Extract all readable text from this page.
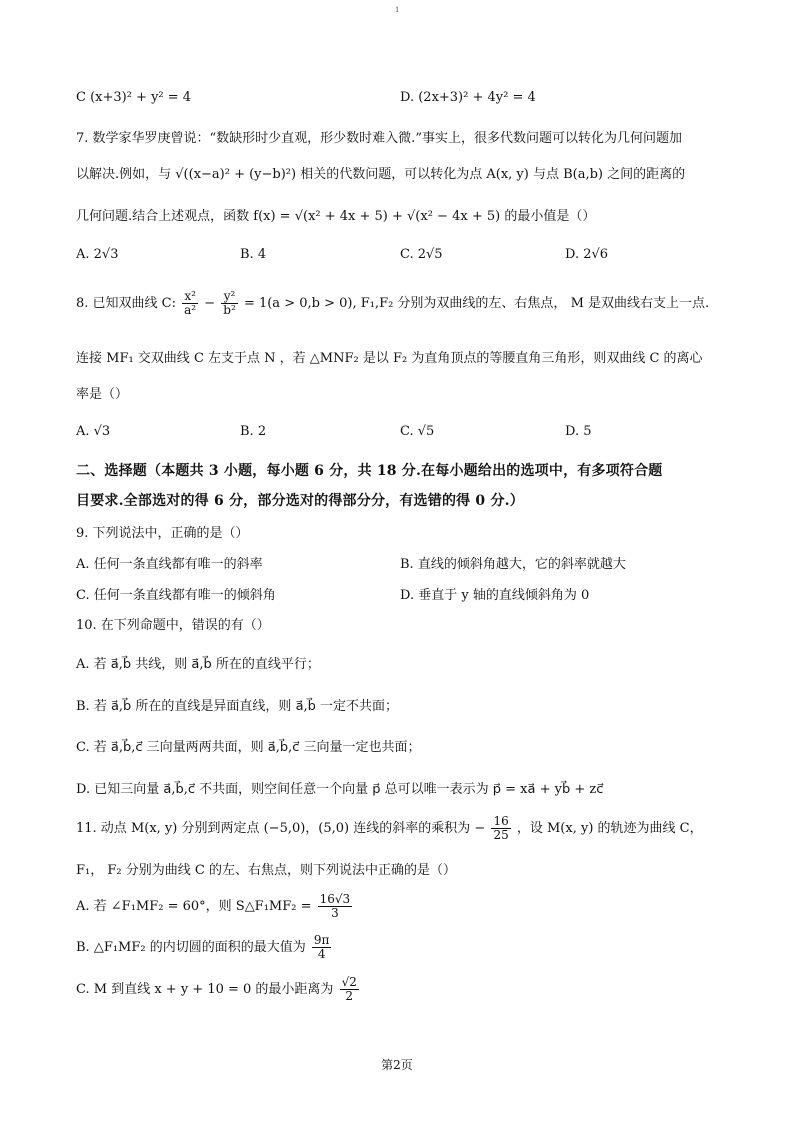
1
C (x+3)² + y² = 4	D. (2x+3)² + 4y² = 4
7. 数学家华罗庚曾说：“数缺形时少直观，形少数时难入微.”事实上，很多代数问题可以转化为几何问题加
以解决.例如，与 √((x−a)² + (y−b)²) 相关的代数问题，可以转化为点 A(x, y) 与点 B(a,b) 之间的距离的
几何问题.结合上述观点，函数 f(x) = √(x² + 4x + 5) + √(x² − 4x + 5) 的最小值是（）
A. 2√3	B. 4	C. 2√5	D. 2√6
8. 已知双曲线 C: $\frac{\text{x²}}{\text{a²}} - \frac{\text{y²}}{\text{b²}} = 1(a > 0,b > 0)$, F₁,F₂ 分别为双曲线的左、右焦点， M 是双曲线右支上一点.
连接 MF₁ 交双曲线 C 左支于点 N ，若 △MNF₂ 是以 F₂ 为直角顶点的等腰直角三角形，则双曲线 C 的离心
率是（）
A. √3	B. 2	C. √5	D. 5
二、选择题（本题共 3 小题，每小题 6 分，共 18 分.在每小题给出的选项中，有多项符合题
目要求.全部选对的得 6 分，部分选对的得部分分，有选错的得 0 分.）
9. 下列说法中，正确的是（）
A. 任何一条直线都有唯一的斜率	B. 直线的倾斜角越大，它的斜率就越大
C. 任何一条直线都有唯一的倾斜角	D. 垂直于 y 轴的直线倾斜角为 0
10. 在下列命题中，错误的有（）
A. 若 a⃗,b⃗ 共线，则 a⃗,b⃗ 所在的直线平行；
B. 若 a⃗,b⃗ 所在的直线是异面直线，则 a⃗,b⃗ 一定不共面；
C. 若 a⃗,b⃗,c⃗ 三向量两两共面，则 a⃗,b⃗,c⃗ 三向量一定也共面；
D. 已知三向量 a⃗,b⃗,c⃗ 不共面，则空间任意一个向量 p⃗ 总可以唯一表示为 p⃗ = xa⃗ + yb⃗ + zc⃗
11. 动点 M(x, y) 分别到两定点 (−5,0)，(5,0) 连线的斜率的乘积为 − $\frac{16}{25}$ ，设 M(x, y) 的轨迹为曲线 C，
F₁， F₂ 分别为曲线 C 的左、右焦点，则下列说法中正确的是（）
A. 若 ∠F₁MF₂ = 60°，则 S△F₁MF₂ = $\frac{16√3}{3}$
B. △F₁MF₂ 的内切圆的面积的最大值为 $\frac{9\pi}{4}$
C. M 到直线 x + y + 10 = 0 的最小距离为 $\frac{√2}{2}$
第2页
